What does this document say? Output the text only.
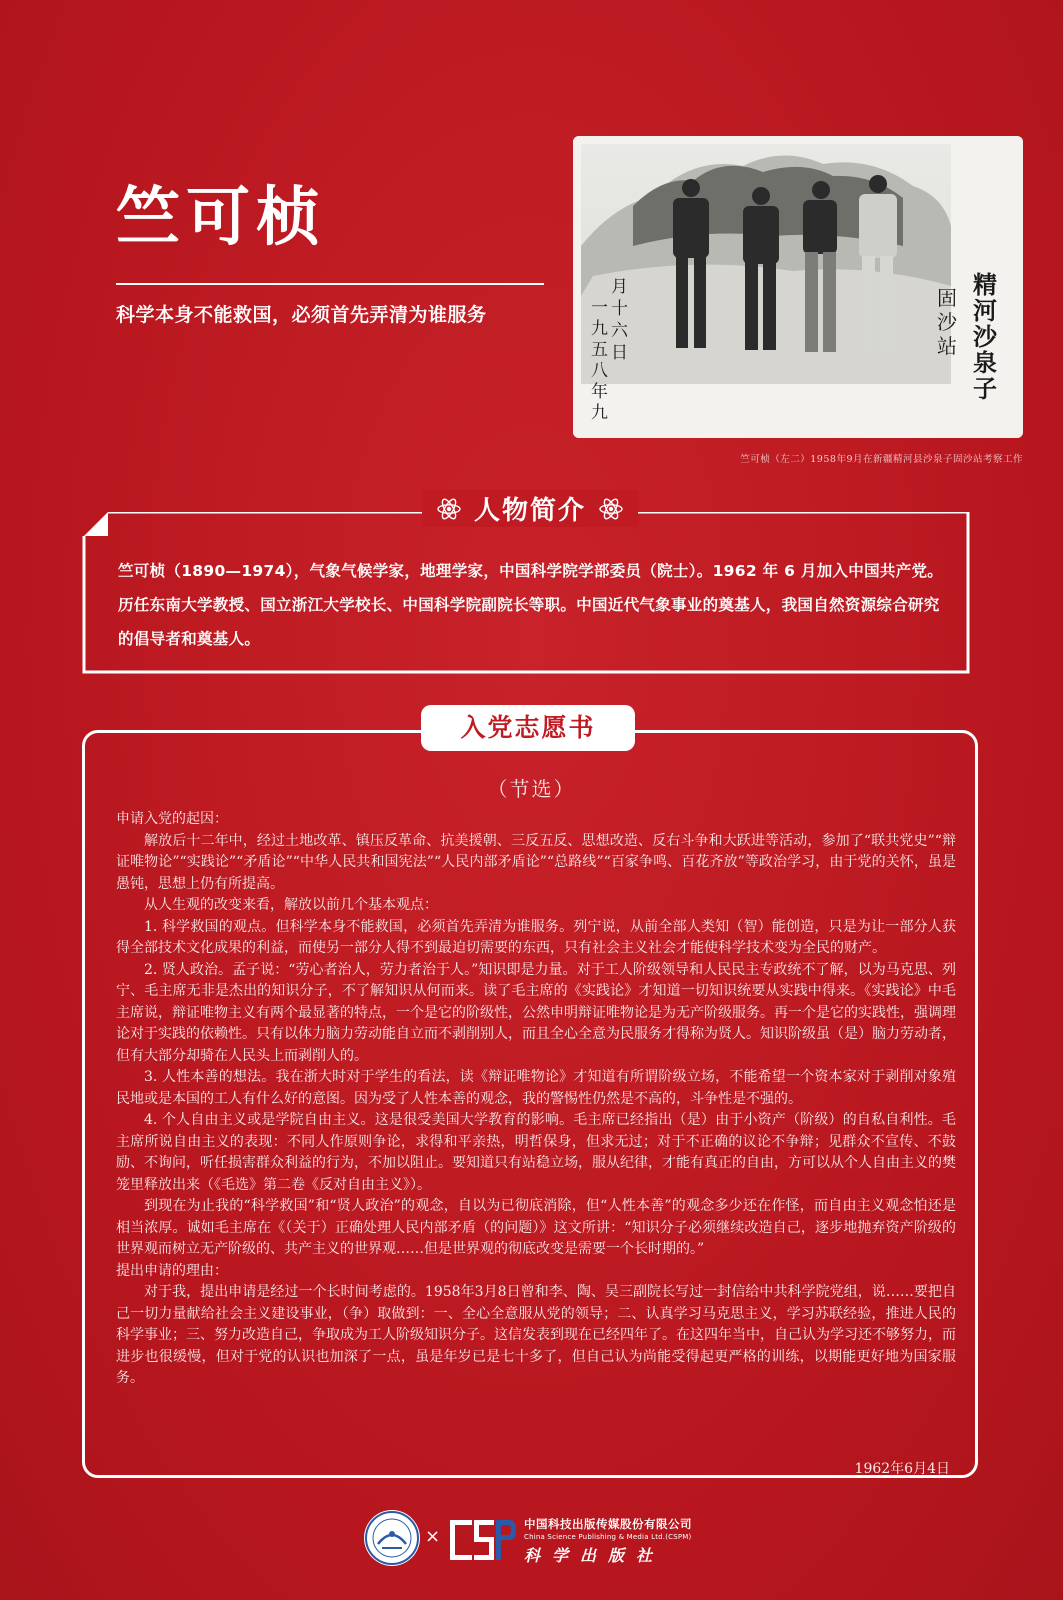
竺可桢
科学本身不能救国，必须首先弄清为谁服务
精
河
沙
泉
子
固
沙
站
月
十
六
日
一
九
五
八
年
九
竺可桢（左二）1958年9月在新疆精河县沙泉子固沙站考察工作
人物简介

竺可桢（1890—1974），气象气候学家，地理学家，中国科学院学部委员（院士）。1962 年 6 月加入中国共产党。历任东南大学教授、国立浙江大学校长、中国科学院副院长等职。中国近代气象事业的奠基人，我国自然资源综合研究的倡导者和奠基人。

入党志愿书
（节选）

申请入党的起因：

解放后十二年中，经过土地改革、镇压反革命、抗美援朝、三反五反、思想改造、反右斗争和大跃进等活动，参加了“联共党史”“辩证唯物论”“实践论”“矛盾论”“中华人民共和国宪法”“人民内部矛盾论”“总路线”“百家争鸣、百花齐放”等政治学习，由于党的关怀，虽是愚钝，思想上仍有所提高。

从人生观的改变来看，解放以前几个基本观点：

1. 科学救国的观点。但科学本身不能救国，必须首先弄清为谁服务。列宁说，从前全部人类知（智）能创造，只是为让一部分人获得全部技术文化成果的利益，而使另一部分人得不到最迫切需要的东西，只有社会主义社会才能使科学技术变为全民的财产。

2. 贤人政治。孟子说：“劳心者治人，劳力者治于人。”知识即是力量。对于工人阶级领导和人民民主专政统不了解，以为马克思、列宁、毛主席无非是杰出的知识分子，不了解知识从何而来。读了毛主席的《实践论》才知道一切知识统要从实践中得来。《实践论》中毛主席说，辩证唯物主义有两个最显著的特点，一个是它的阶级性，公然申明辩证唯物论是为无产阶级服务。再一个是它的实践性，强调理论对于实践的依赖性。只有以体力脑力劳动能自立而不剥削别人，而且全心全意为民服务才得称为贤人。知识阶级虽（是）脑力劳动者，但有大部分却骑在人民头上而剥削人的。

3. 人性本善的想法。我在浙大时对于学生的看法，读《辩证唯物论》才知道有所谓阶级立场，不能希望一个资本家对于剥削对象殖民地或是本国的工人有什么好的意图。因为受了人性本善的观念，我的警惕性仍然是不高的，斗争性是不强的。

4. 个人自由主义或是学院自由主义。这是很受美国大学教育的影响。毛主席已经指出（是）由于小资产（阶级）的自私自利性。毛主席所说自由主义的表现：不同人作原则争论，求得和平亲热，明哲保身，但求无过；对于不正确的议论不争辩；见群众不宣传、不鼓励、不询问，听任损害群众利益的行为，不加以阻止。要知道只有站稳立场，服从纪律，才能有真正的自由，方可以从个人自由主义的樊笼里释放出来（《毛选》第二卷《反对自由主义》）。

到现在为止我的“科学救国”和“贤人政治”的观念，自以为已彻底消除，但“人性本善”的观念多少还在作怪，而自由主义观念怕还是相当浓厚。诚如毛主席在《（关于）正确处理人民内部矛盾（的问题）》这文所讲：“知识分子必须继续改造自己，逐步地抛弃资产阶级的世界观而树立无产阶级的、共产主义的世界观……但是世界观的彻底改变是需要一个长时期的。”

提出申请的理由：

对于我，提出申请是经过一个长时间考虑的。1958年3月8日曾和李、陶、吴三副院长写过一封信给中共科学院党组，说……要把自己一切力量献给社会主义建设事业，（争）取做到：一、全心全意服从党的领导；二、认真学习马克思主义，学习苏联经验，推进人民的科学事业；三、努力改造自己，争取成为工人阶级知识分子。这信发表到现在已经四年了。在这四年当中，自己认为学习还不够努力，而进步也很缓慢，但对于党的认识也加深了一点，虽是年岁已是七十多了，但自己认为尚能受得起更严格的训练，以期能更好地为国家服务。

1962年6月4日
×
中国科技出版传媒股份有限公司
China Science Publishing & Media Ltd.(CSPM)
科学出版社
